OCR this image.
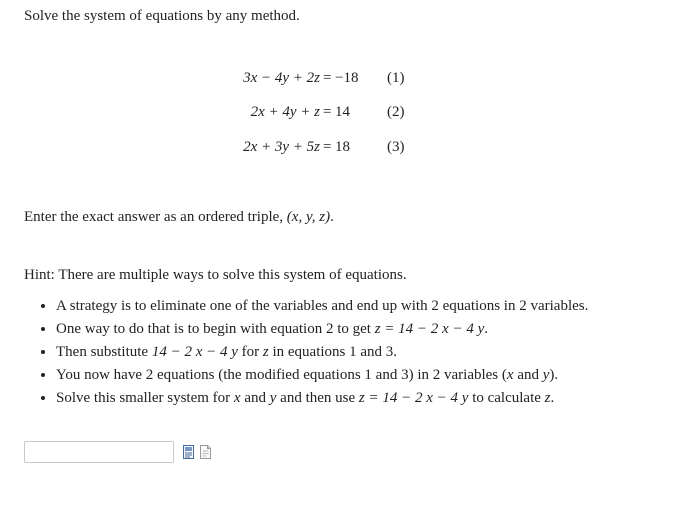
Solve the system of equations by any method.
3x − 4y + 2z = −18 (1)
2x + 4y + z = 14 (2)
2x + 3y + 5z = 18 (3)
Enter the exact answer as an ordered triple, (x, y, z).
Hint: There are multiple ways to solve this system of equations.
• A strategy is to eliminate one of the variables and end up with 2 equations in 2 variables.
• One way to do that is to begin with equation 2 to get z = 14 − 2 x − 4 y.
• Then substitute 14 − 2 x − 4 y for z in equations 1 and 3.
• You now have 2 equations (the modified equations 1 and 3) in 2 variables (x and y).
• Solve this smaller system for x and y and then use z = 14 − 2 x − 4 y to calculate z.
